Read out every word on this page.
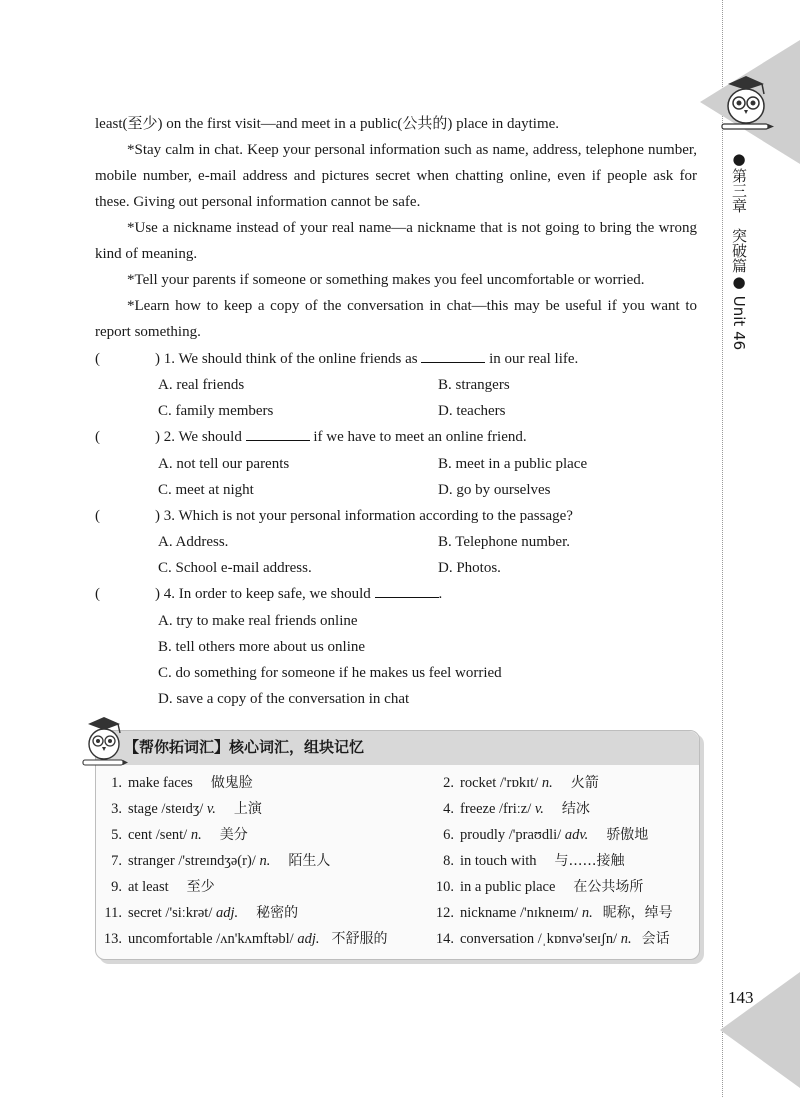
●第三章　突破篇● Unit 46
143

least(至少) on the first visit—and meet in a public(公共的) place in daytime.

*Stay calm in chat. Keep your personal information such as name, address, telephone number, mobile number, e-mail address and pictures secret when chatting online, even if people ask for these. Giving out personal information cannot be safe.

*Use a nickname instead of your real name—a nickname that is not going to bring the wrong kind of meaning.

*Tell your parents if someone or something makes you feel uncomfortable or worried.

*Learn how to keep a copy of the conversation in chat—this may be useful if you want to report something.

(	) 1. We should think of the online friends as	in our real life.
A. real friends	B. strangers
C. family members	D. teachers
(	) 2. We should	if we have to meet an online friend.
A. not tell our parents	B. meet in a public place
C. meet at night	D. go by ourselves
(	) 3. Which is not your personal information according to the passage?
A. Address.	B. Telephone number.
C. School e-mail address.	D. Photos.
(	) 4. In order to keep safe, we should	.
A. try to make real friends online
B. tell others more about us online
C. do something for someone if he makes us feel worried
D. save a copy of the conversation in chat
【帮你拓词汇】核心词汇，组块记忆
1. make faces 做鬼脸	2. rocket /'rɒkɪt/ n. 火箭
3. stage /steɪdʒ/ v. 上演	4. freeze /friːz/ v. 结冰
5. cent /sent/ n. 美分	6. proudly /'praʊdli/ adv. 骄傲地
7. stranger /'streɪndʒə(r)/ n. 陌生人	8. in touch with 与……接触
9. at least 至少	10. in a public place 在公共场所
11. secret /'siːkrət/ adj. 秘密的	12. nickname /'nɪkneɪm/ n. 昵称，绰号
13. uncomfortable /ʌn'kʌmftəbl/ adj. 不舒服的	14. conversation /ˌkɒnvə'seɪʃn/ n. 会话
